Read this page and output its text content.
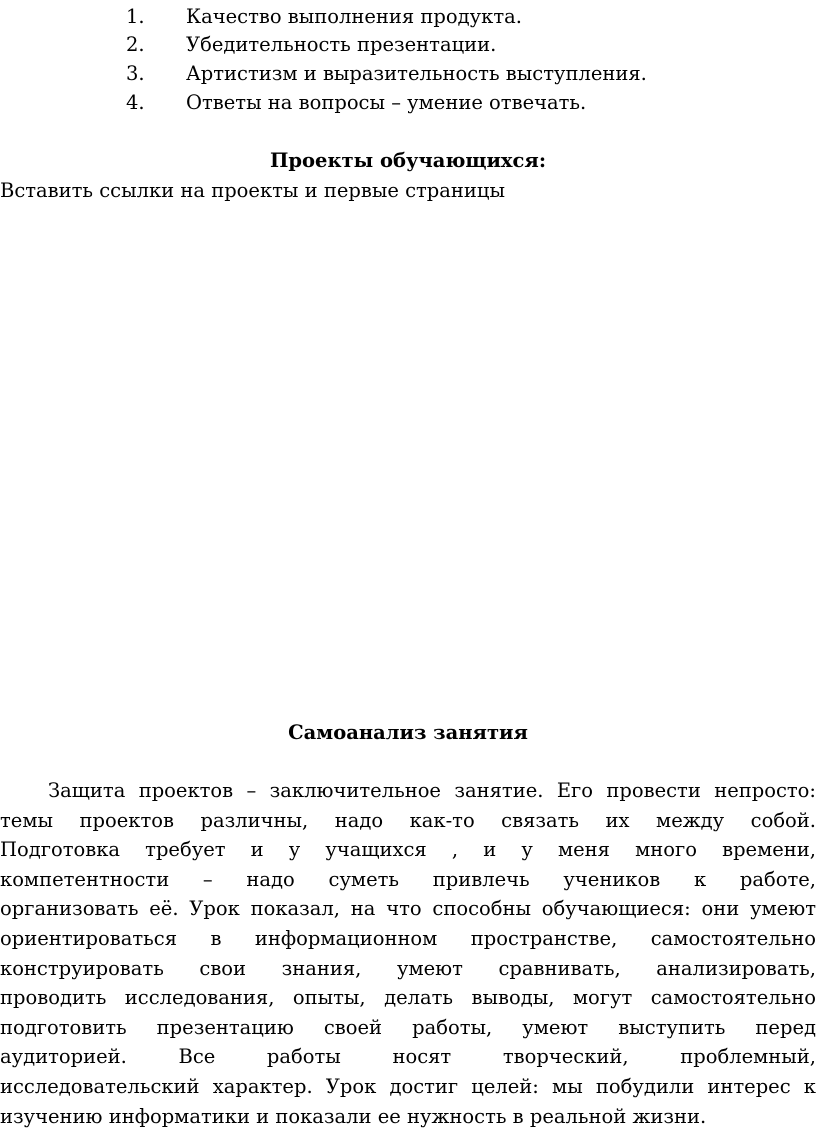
1. Качество выполнения продукта.
2. Убедительность презентации.
3. Артистизм и выразительность выступления.
4. Ответы на вопросы – умение отвечать.
Проекты обучающихся:
Вставить ссылки на проекты и первые страницы
Самоанализ занятия
Защита проектов – заключительное занятие. Его провести непросто:
темы проектов различны, надо как-то связать их между собой.
Подготовка требует и у учащихся , и у меня много времени,
компетентности – надо суметь привлечь учеников к работе,
организовать её. Урок показал, на что способны обучающиеся: они умеют
ориентироваться в информационном пространстве, самостоятельно
конструировать свои знания, умеют сравнивать, анализировать,
проводить исследования, опыты, делать выводы, могут самостоятельно
подготовить презентацию своей работы, умеют выступить перед
аудиторией. Все работы носят творческий, проблемный,
исследовательский характер. Урок достиг целей: мы побудили интерес к
изучению информатики и показали ее нужность в реальной жизни.
